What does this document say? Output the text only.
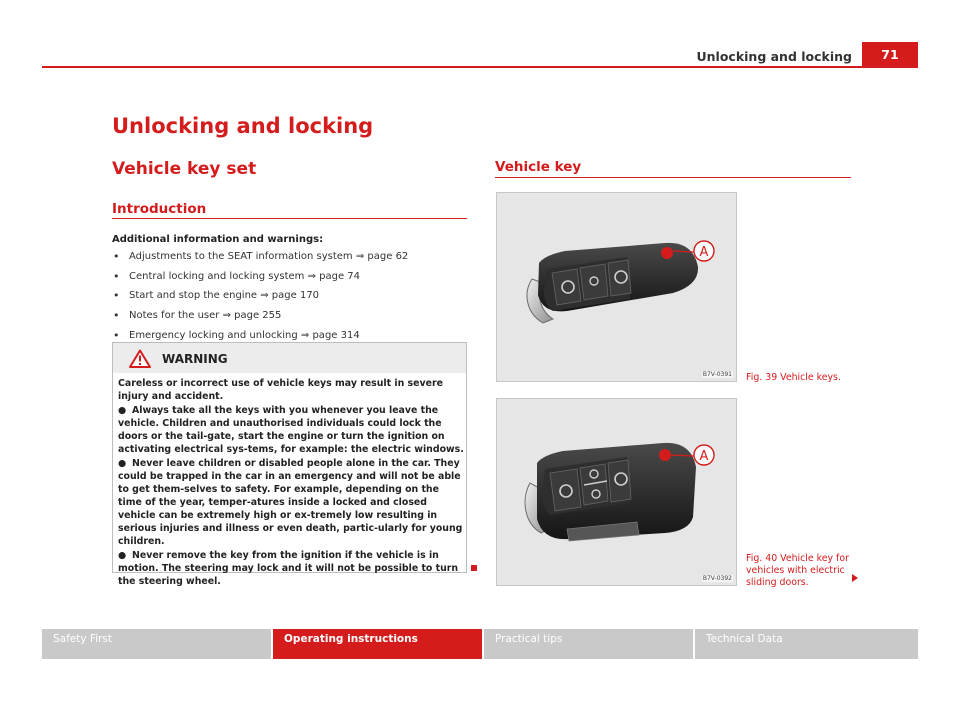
Unlocking and locking	71
Unlocking and locking
Vehicle key set
Introduction
Additional information and warnings:
• Adjustments to the SEAT information system ⇒ page 62
• Central locking and locking system ⇒ page 74
• Start and stop the engine ⇒ page 170
• Notes for the user ⇒ page 255
• Emergency locking and unlocking ⇒ page 314
WARNING

Careless or incorrect use of vehicle keys may result in severe injury and accident.

● Always take all the keys with you whenever you leave the vehicle. Children and unauthorised individuals could lock the doors or the tail-gate, start the engine or turn the ignition on activating electrical sys-tems, for example: the electric windows.

● Never leave children or disabled people alone in the car. They could be trapped in the car in an emergency and will not be able to get them-selves to safety. For example, depending on the time of the year, temper-atures inside a locked and closed vehicle can be extremely high or ex-tremely low resulting in serious injuries and illness or even death, partic-ularly for young children.

● Never remove the key from the ignition if the vehicle is in motion. The steering may lock and it will not be possible to turn the steering wheel.

Vehicle key
A
B7V-0391 Fig. 39 Vehicle keys.
A
B7V-0392
Fig. 40 Vehicle key for vehicles with electric sliding doors.
Safety First	Operating instructions	Practical tips	Technical Data
